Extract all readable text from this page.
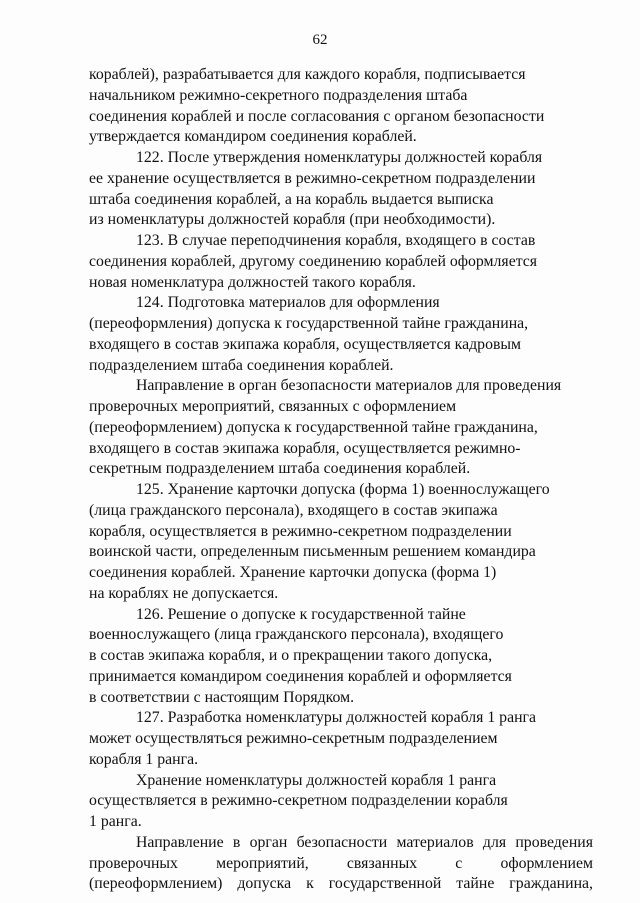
62

кораблей), разрабатывается для каждого корабля, подписывается
начальником режимно-секретного подразделения штаба
соединения кораблей и после согласования с органом безопасности
утверждается командиром соединения кораблей.

122. После утверждения номенклатуры должностей корабля
ее хранение осуществляется в режимно-секретном подразделении
штаба соединения кораблей, а на корабль выдается выписка
из номенклатуры должностей корабля (при необходимости).

123. В случае переподчинения корабля, входящего в состав
соединения кораблей, другому соединению кораблей оформляется
новая номенклатура должностей такого корабля.

124. Подготовка материалов для оформления
(переоформления) допуска к государственной тайне гражданина,
входящего в состав экипажа корабля, осуществляется кадровым
подразделением штаба соединения кораблей.

Направление в орган безопасности материалов для проведения
проверочных мероприятий, связанных с оформлением
(переоформлением) допуска к государственной тайне гражданина,
входящего в состав экипажа корабля, осуществляется режимно-
секретным подразделением штаба соединения кораблей.

125. Хранение карточки допуска (форма 1) военнослужащего
(лица гражданского персонала), входящего в состав экипажа
корабля, осуществляется в режимно-секретном подразделении
воинской части, определенным письменным решением командира
соединения кораблей. Хранение карточки допуска (форма 1)
на кораблях не допускается.

126. Решение о допуске к государственной тайне
военнослужащего (лица гражданского персонала), входящего
в состав экипажа корабля, и о прекращении такого допуска,
принимается командиром соединения кораблей и оформляется
в соответствии с настоящим Порядком.

127. Разработка номенклатуры должностей корабля 1 ранга
может осуществляться режимно-секретным подразделением
корабля 1 ранга.

Хранение номенклатуры должностей корабля 1 ранга
осуществляется в режимно-секретном подразделении корабля
1 ранга.

Направление в орган безопасности материалов для проведения
проверочных мероприятий, связанных с оформлением
(переоформлением) допуска к государственной тайне гражданина,
